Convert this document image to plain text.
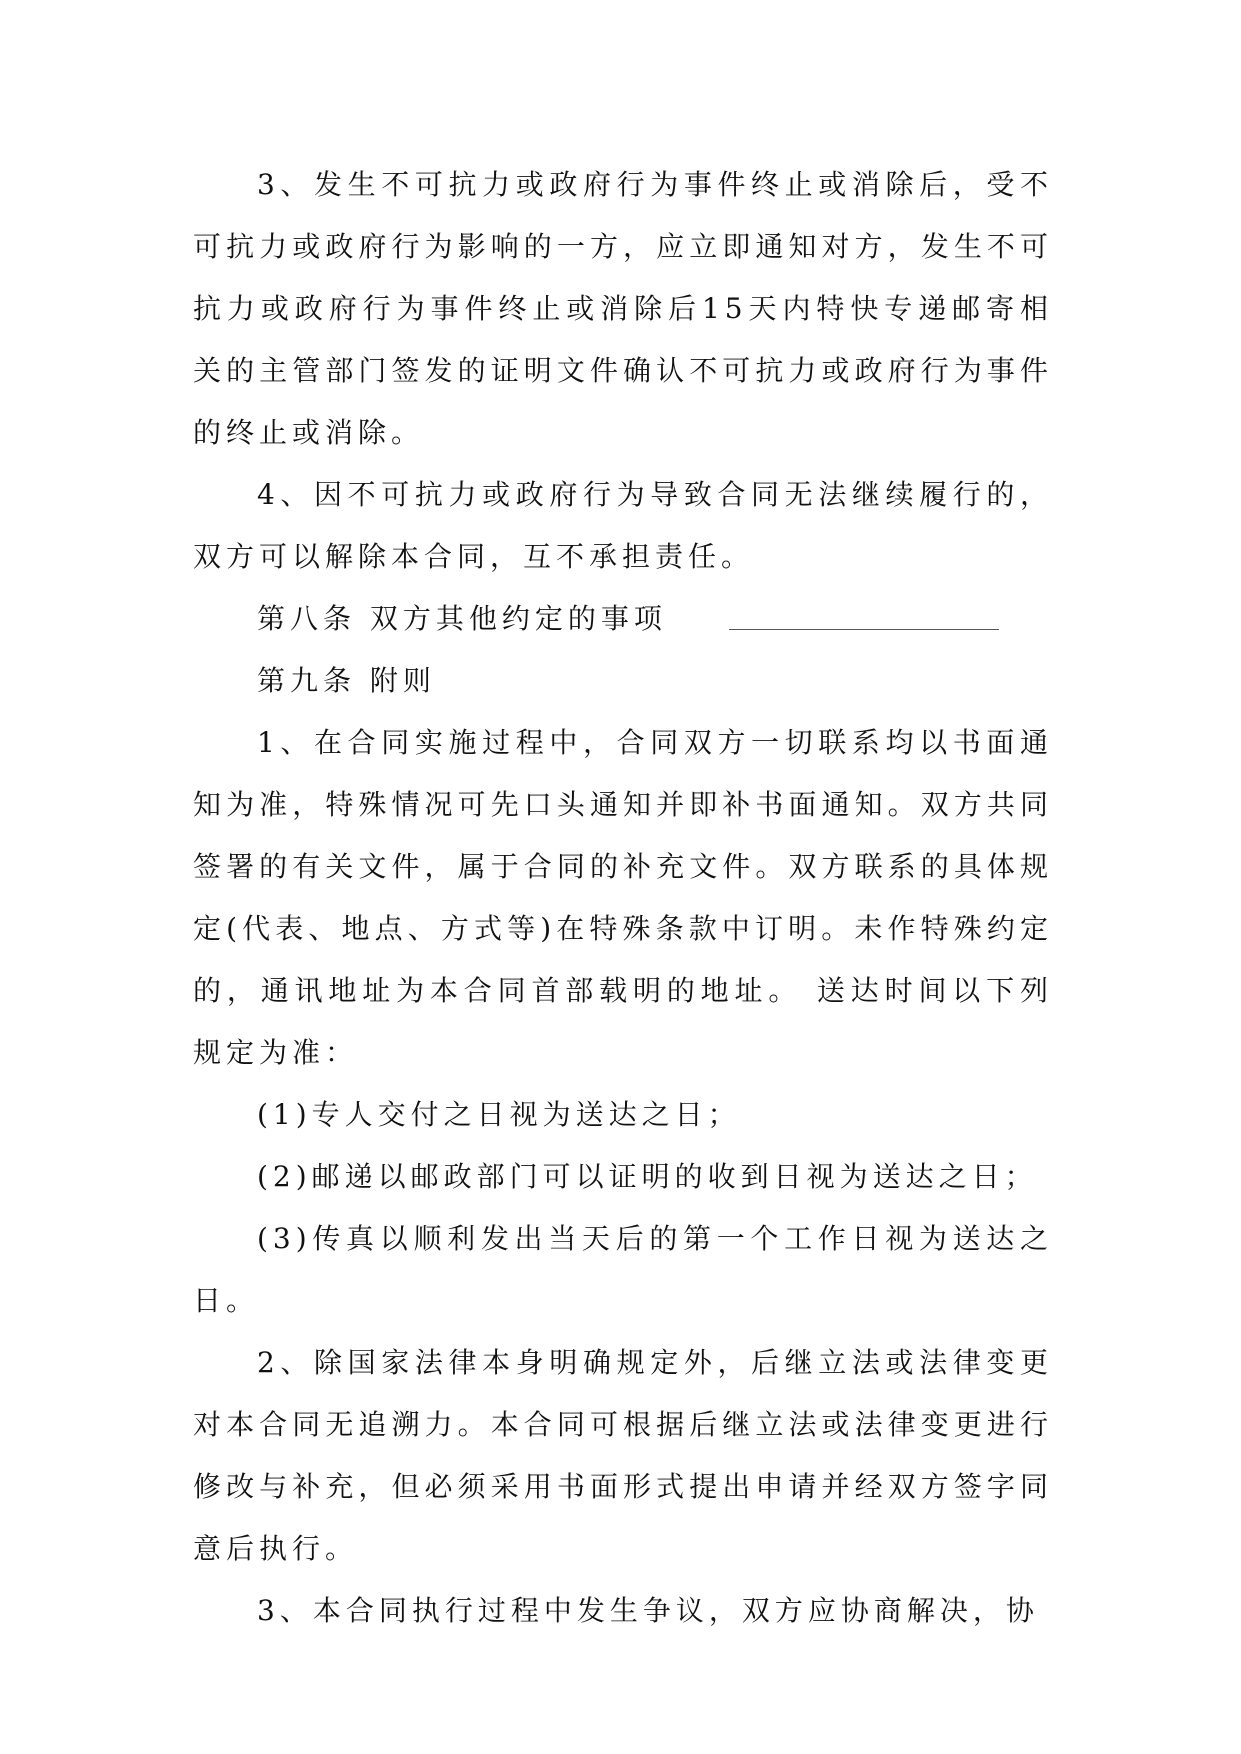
3、发生不可抗力或政府行为事件终止或消除后，受不可抗力或政府行为影响的一方，应立即通知对方，发生不可抗力或政府行为事件终止或消除后15天内特快专递邮寄相关的主管部门签发的证明文件确认不可抗力或政府行为事件的终止或消除。

4、因不可抗力或政府行为导致合同无法继续履行的，双方可以解除本合同，互不承担责任。

第八条 双方其他约定的事项

第九条 附则

1、在合同实施过程中，合同双方一切联系均以书面通知为准，特殊情况可先口头通知并即补书面通知。双方共同签署的有关文件，属于合同的补充文件。双方联系的具体规定(代表、地点、方式等)在特殊条款中订明。未作特殊约定的，通讯地址为本合同首部载明的地址。 送达时间以下列规定为准：

(1)专人交付之日视为送达之日；

(2)邮递以邮政部门可以证明的收到日视为送达之日；

(3)传真以顺利发出当天后的第一个工作日视为送达之日。

2、除国家法律本身明确规定外，后继立法或法律变更对本合同无追溯力。本合同可根据后继立法或法律变更进行修改与补充，但必须采用书面形式提出申请并经双方签字同意后执行。

3、本合同执行过程中发生争议，双方应协商解决，协
